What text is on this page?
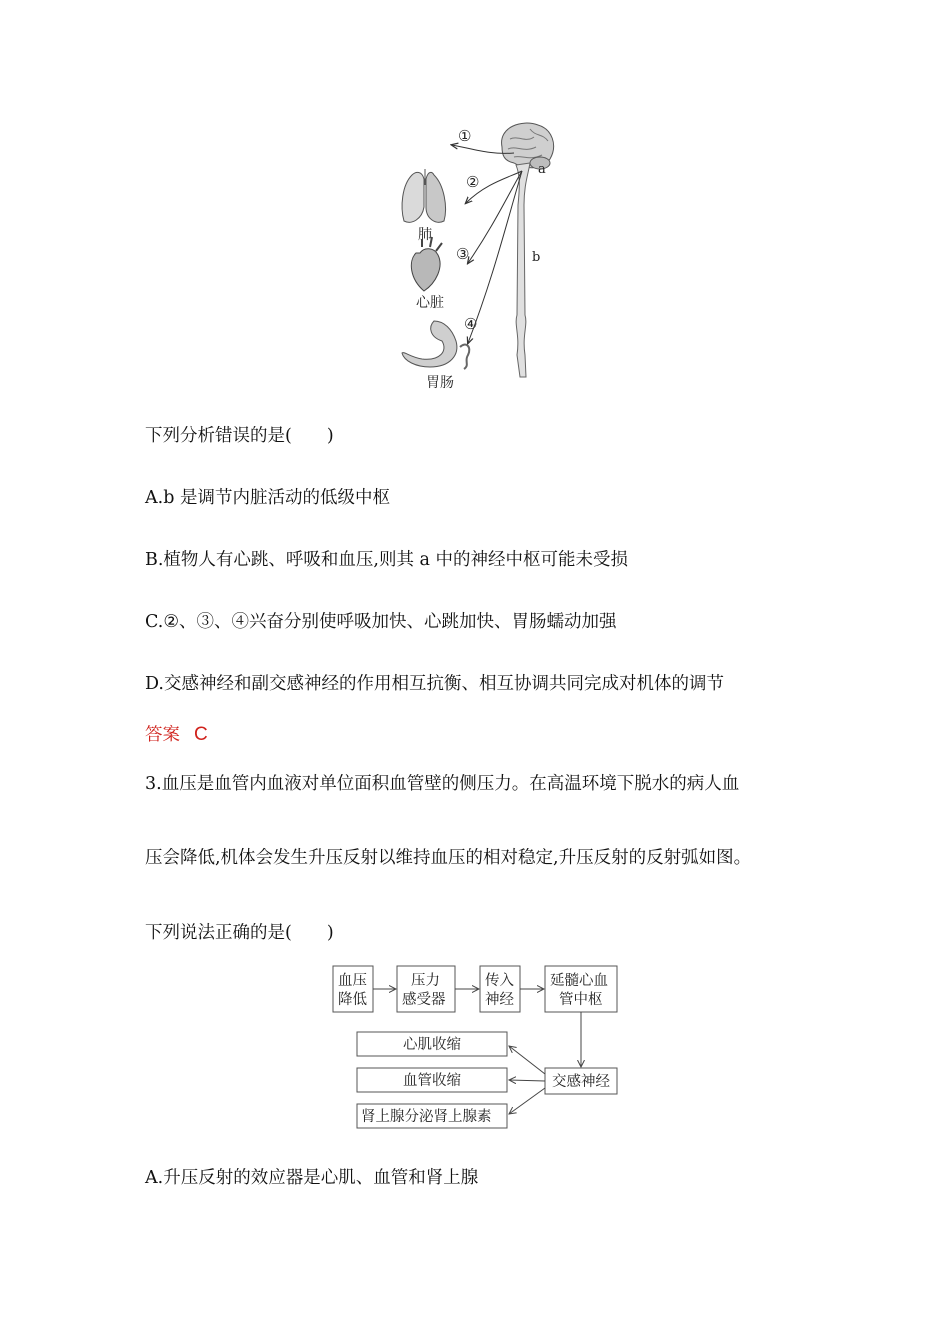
a
b
①
②
③
④
肺
心脏
胃肠
下列分析错误的是(　　)
A.b 是调节内脏活动的低级中枢
B.植物人有心跳、呼吸和血压,则其 a 中的神经中枢可能未受损
C.②、③、④兴奋分别使呼吸加快、心跳加快、胃肠蠕动加强
D.交感神经和副交感神经的作用相互抗衡、相互协调共同完成对机体的调节
答案 C
3.血压是血管内血液对单位面积血管壁的侧压力。在高温环境下脱水的病人血
压会降低,机体会发生升压反射以维持血压的相对稳定,升压反射的反射弧如图。
下列说法正确的是(　　)
血压
降低
压力
感受器
传入
神经
延髓心血
管中枢
交感神经
心肌收缩
血管收缩
肾上腺分泌肾上腺素
A.升压反射的效应器是心肌、血管和肾上腺
